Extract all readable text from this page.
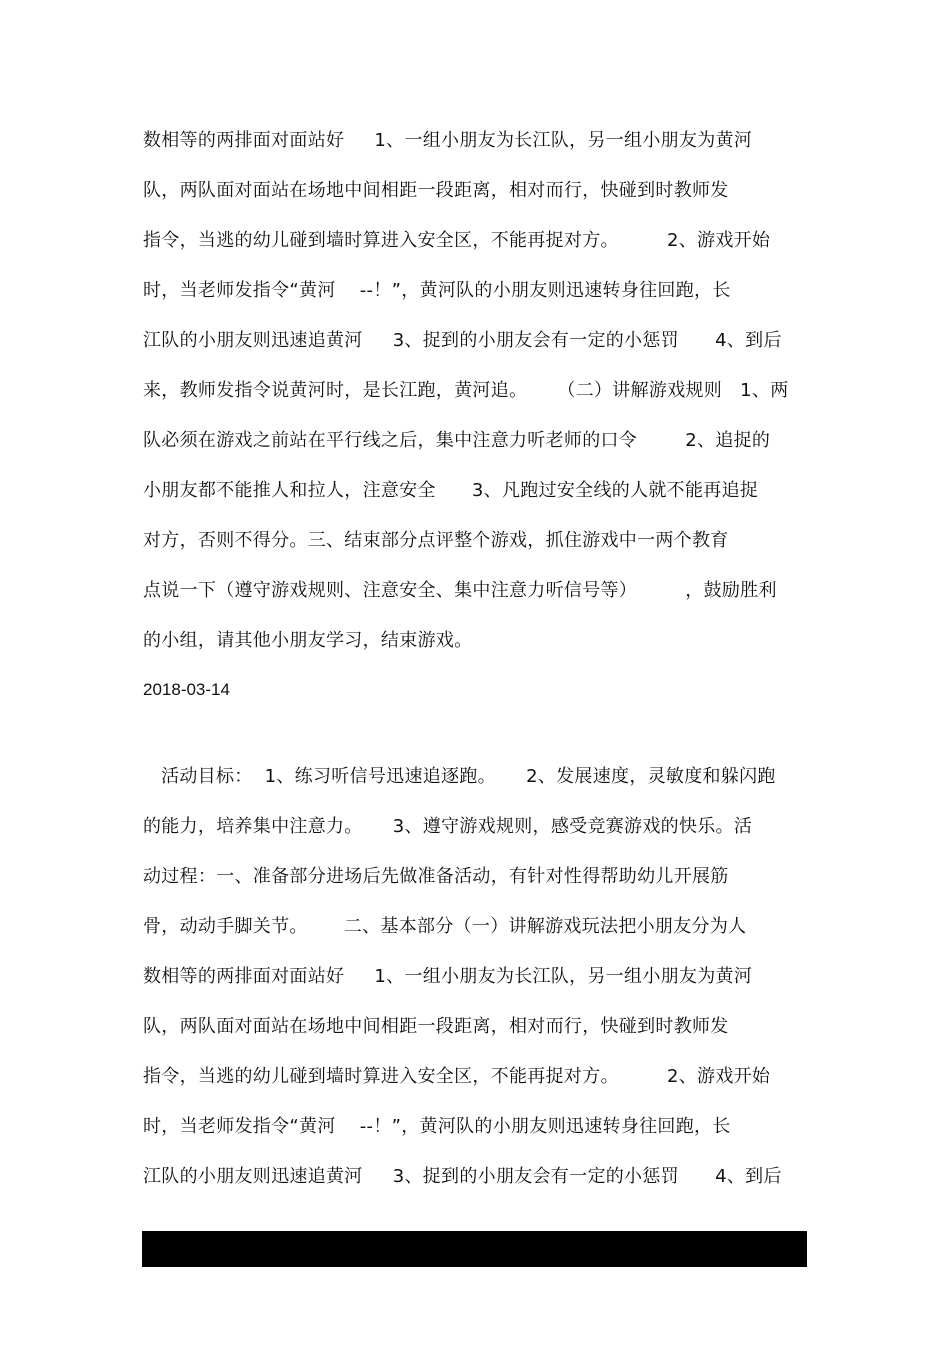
数相等的两排面对面站好     1、一组小朋友为长江队，另一组小朋友为黄河
队，两队面对面站在场地中间相距一段距离，相对而行，快碰到时教师发
指令，当逃的幼儿碰到墙时算进入安全区，不能再捉对方。        2、游戏开始
时，当老师发指令“黄河    --！”，黄河队的小朋友则迅速转身往回跑，长
江队的小朋友则迅速追黄河     3、捉到的小朋友会有一定的小惩罚      4、到后
来，教师发指令说黄河时，是长江跑，黄河追。     （二）讲解游戏规则   1、两
队必须在游戏之前站在平行线之后，集中注意力听老师的口令        2、追捉的
小朋友都不能推人和拉人，注意安全      3、凡跑过安全线的人就不能再追捉
对方，否则不得分。三、结束部分点评整个游戏，抓住游戏中一两个教育
点说一下（遵守游戏规则、注意安全、集中注意力听信号等）        ，鼓励胜利
的小组，请其他小朋友学习，结束游戏。
2018-03-14
活动目标：  1、练习听信号迅速追逐跑。     2、发展速度，灵敏度和躲闪跑
的能力，培养集中注意力。     3、遵守游戏规则，感受竞赛游戏的快乐。活
动过程：一、准备部分进场后先做准备活动，有针对性得帮助幼儿开展筋
骨，动动手脚关节。      二、基本部分（一）讲解游戏玩法把小朋友分为人
数相等的两排面对面站好     1、一组小朋友为长江队，另一组小朋友为黄河
队，两队面对面站在场地中间相距一段距离，相对而行，快碰到时教师发
指令，当逃的幼儿碰到墙时算进入安全区，不能再捉对方。        2、游戏开始
时，当老师发指令“黄河    --！”，黄河队的小朋友则迅速转身往回跑，长
江队的小朋友则迅速追黄河     3、捉到的小朋友会有一定的小惩罚      4、到后
